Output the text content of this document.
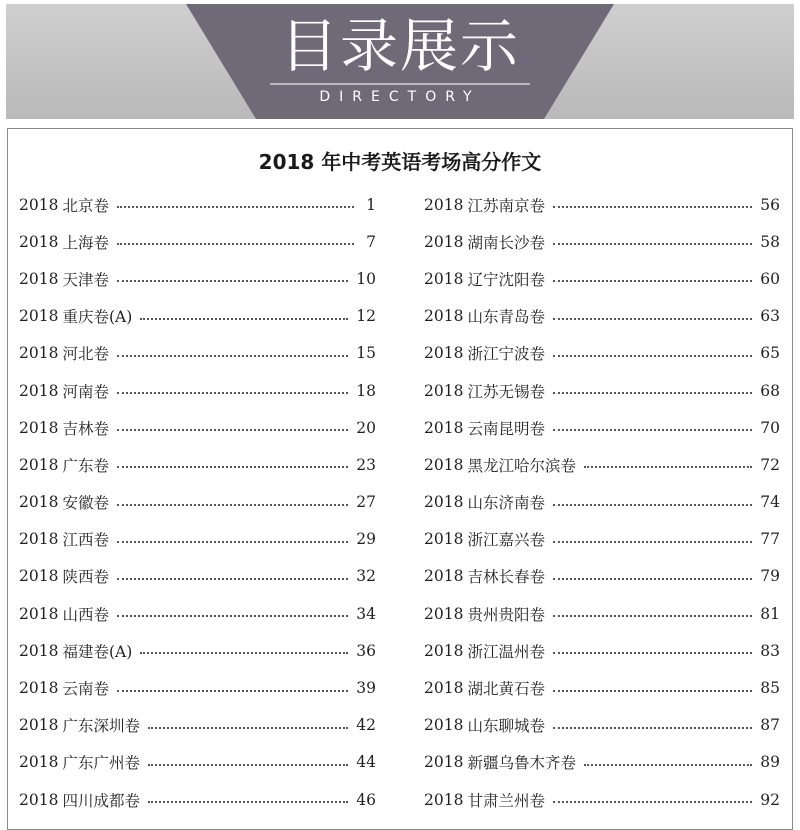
目录展示
DIRECTORY
2018 年中考英语考场高分作文
2018 北京卷	1
2018 上海卷	7
2018 天津卷	10
2018 重庆卷(A)	12
2018 河北卷	15
2018 河南卷	18
2018 吉林卷	20
2018 广东卷	23
2018 安徽卷	27
2018 江西卷	29
2018 陕西卷	32
2018 山西卷	34
2018 福建卷(A)	36
2018 云南卷	39
2018 广东深圳卷	42
2018 广东广州卷	44
2018 四川成都卷	46
2018 江苏南京卷	56
2018 湖南长沙卷	58
2018 辽宁沈阳卷	60
2018 山东青岛卷	63
2018 浙江宁波卷	65
2018 江苏无锡卷	68
2018 云南昆明卷	70
2018 黑龙江哈尔滨卷	72
2018 山东济南卷	74
2018 浙江嘉兴卷	77
2018 吉林长春卷	79
2018 贵州贵阳卷	81
2018 浙江温州卷	83
2018 湖北黄石卷	85
2018 山东聊城卷	87
2018 新疆乌鲁木齐卷	89
2018 甘肃兰州卷	92
